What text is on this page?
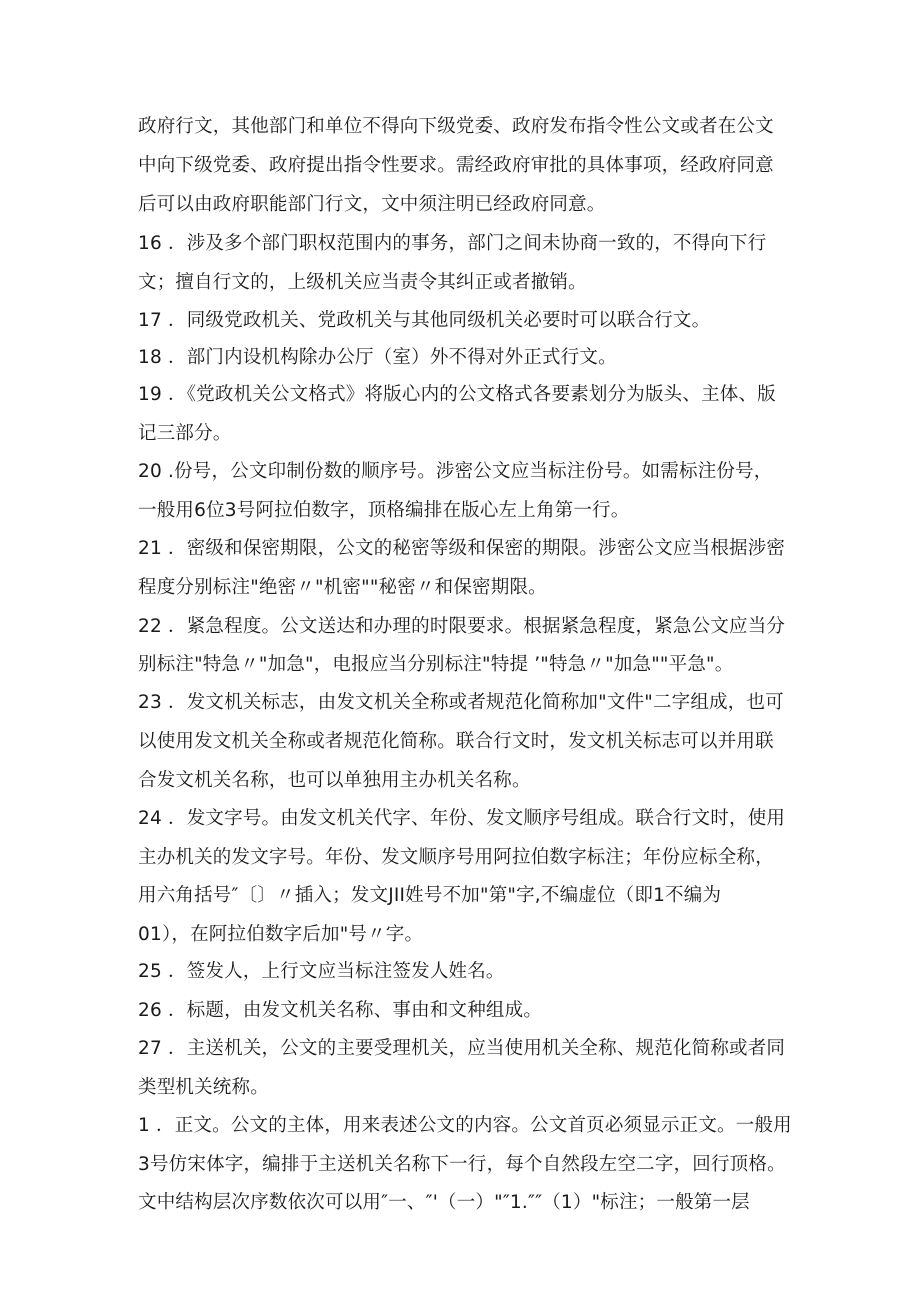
政府行文，其他部门和单位不得向下级党委、政府发布指令性公文或者在公文

中向下级党委、政府提出指令性要求。需经政府审批的具体事项，经政府同意

后可以由政府职能部门行文，文中须注明已经政府同意。

16 ．涉及多个部门职权范围内的事务，部门之间未协商一致的，不得向下行

文；擅自行文的，上级机关应当责令其纠正或者撤销。

17 ．同级党政机关、党政机关与其他同级机关必要时可以联合行文。

18 ．部门内设机构除办公厅（室）外不得对外正式行文。

19 ．《党政机关公文格式》将版心内的公文格式各要素划分为版头、主体、版

记三部分。

20 .份号，公文印制份数的顺序号。涉密公文应当标注份号。如需标注份号，

一般用6位3号阿拉伯数字，顶格编排在版心左上角第一行。

21 ．密级和保密期限，公文的秘密等级和保密的期限。涉密公文应当根据涉密

程度分别标注"绝密〃"机密""秘密〃和保密期限。

22 ．紧急程度。公文送达和办理的时限要求。根据紧急程度，紧急公文应当分

别标注"特急〃"加急"，电报应当分别标注"特提 ’"特急〃"加急""平急"。

23 ．发文机关标志，由发文机关全称或者规范化简称加"文件"二字组成，也可

以使用发文机关全称或者规范化简称。联合行文时，发文机关标志可以并用联

合发文机关名称，也可以单独用主办机关名称。

24 ．发文字号。由发文机关代字、年份、发文顺序号组成。联合行文时，使用

主办机关的发文字号。年份、发文顺序号用阿拉伯数字标注；年份应标全称，

用六角括号″〔〕〃插入；发文JII姓号不加"第"字,不编虚位（即1不编为

01），在阿拉伯数字后加"号〃字。

25 ．签发人，上行文应当标注签发人姓名。

26 ．标题，由发文机关名称、事由和文种组成。

27 ．主送机关，公文的主要受理机关，应当使用机关全称、规范化简称或者同

类型机关统称。

1 ．正文。公文的主体，用来表述公文的内容。公文首页必须显示正文。一般用

3号仿宋体字，编排于主送机关名称下一行，每个自然段左空二字，回行顶格。

文中结构层次序数依次可以用″一、″'（一）"″1.″″（1）"标注；一般第一层
